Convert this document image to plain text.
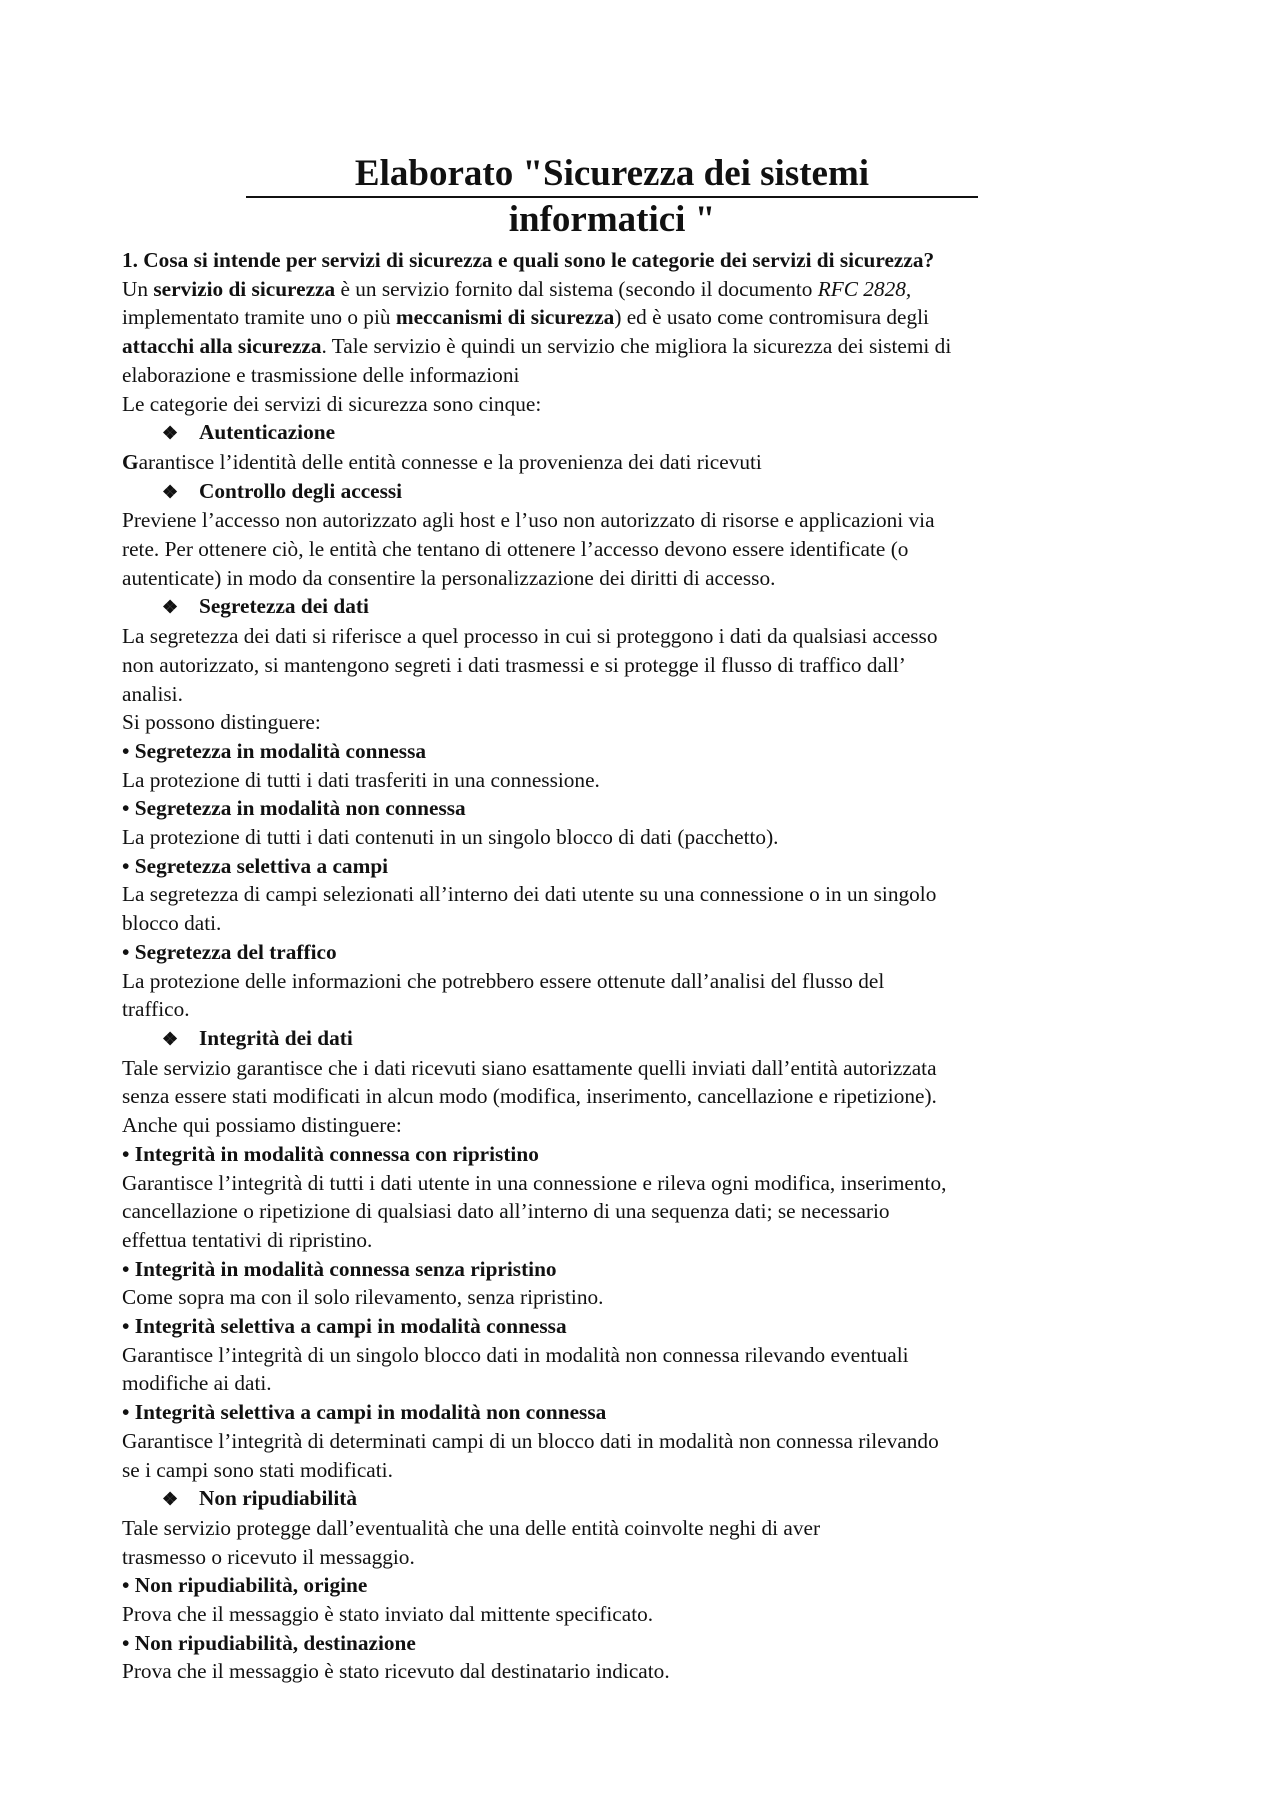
Elaborato "Sicurezza dei sistemi
informatici "
1. Cosa si intende per servizi di sicurezza e quali sono le categorie dei servizi di sicurezza?
Un servizio di sicurezza è un servizio fornito dal sistema (secondo il documento RFC 2828,
implementato tramite uno o più meccanismi di sicurezza) ed è usato come contromisura degli
attacchi alla sicurezza. Tale servizio è quindi un servizio che migliora la sicurezza dei sistemi di
elaborazione e trasmissione delle informazioni
Le categorie dei servizi di sicurezza sono cinque:
❖ Autenticazione
Garantisce l’identità delle entità connesse e la provenienza dei dati ricevuti
❖ Controllo degli accessi
Previene l’accesso non autorizzato agli host e l’uso non autorizzato di risorse e applicazioni via
rete. Per ottenere ciò, le entità che tentano di ottenere l’accesso devono essere identificate (o
autenticate) in modo da consentire la personalizzazione dei diritti di accesso.
❖ Segretezza dei dati
La segretezza dei dati si riferisce a quel processo in cui si proteggono i dati da qualsiasi accesso
non autorizzato, si mantengono segreti i dati trasmessi e si protegge il flusso di traffico dall’
analisi.
Si possono distinguere:
• Segretezza in modalità connessa
La protezione di tutti i dati trasferiti in una connessione.
• Segretezza in modalità non connessa
La protezione di tutti i dati contenuti in un singolo blocco di dati (pacchetto).
• Segretezza selettiva a campi
La segretezza di campi selezionati all’interno dei dati utente su una connessione o in un singolo
blocco dati.
• Segretezza del traffico
La protezione delle informazioni che potrebbero essere ottenute dall’analisi del flusso del
traffico.
❖ Integrità dei dati
Tale servizio garantisce che i dati ricevuti siano esattamente quelli inviati dall’entità autorizzata
senza essere stati modificati in alcun modo (modifica, inserimento, cancellazione e ripetizione).
Anche qui possiamo distinguere:
• Integrità in modalità connessa con ripristino
Garantisce l’integrità di tutti i dati utente in una connessione e rileva ogni modifica, inserimento,
cancellazione o ripetizione di qualsiasi dato all’interno di una sequenza dati; se necessario
effettua tentativi di ripristino.
• Integrità in modalità connessa senza ripristino
Come sopra ma con il solo rilevamento, senza ripristino.
• Integrità selettiva a campi in modalità connessa
Garantisce l’integrità di un singolo blocco dati in modalità non connessa rilevando eventuali
modifiche ai dati.
• Integrità selettiva a campi in modalità non connessa
Garantisce l’integrità di determinati campi di un blocco dati in modalità non connessa rilevando
se i campi sono stati modificati.
❖ Non ripudiabilità
Tale servizio protegge dall’eventualità che una delle entità coinvolte neghi di aver
trasmesso o ricevuto il messaggio.
• Non ripudiabilità, origine
Prova che il messaggio è stato inviato dal mittente specificato.
• Non ripudiabilità, destinazione
Prova che il messaggio è stato ricevuto dal destinatario indicato.
